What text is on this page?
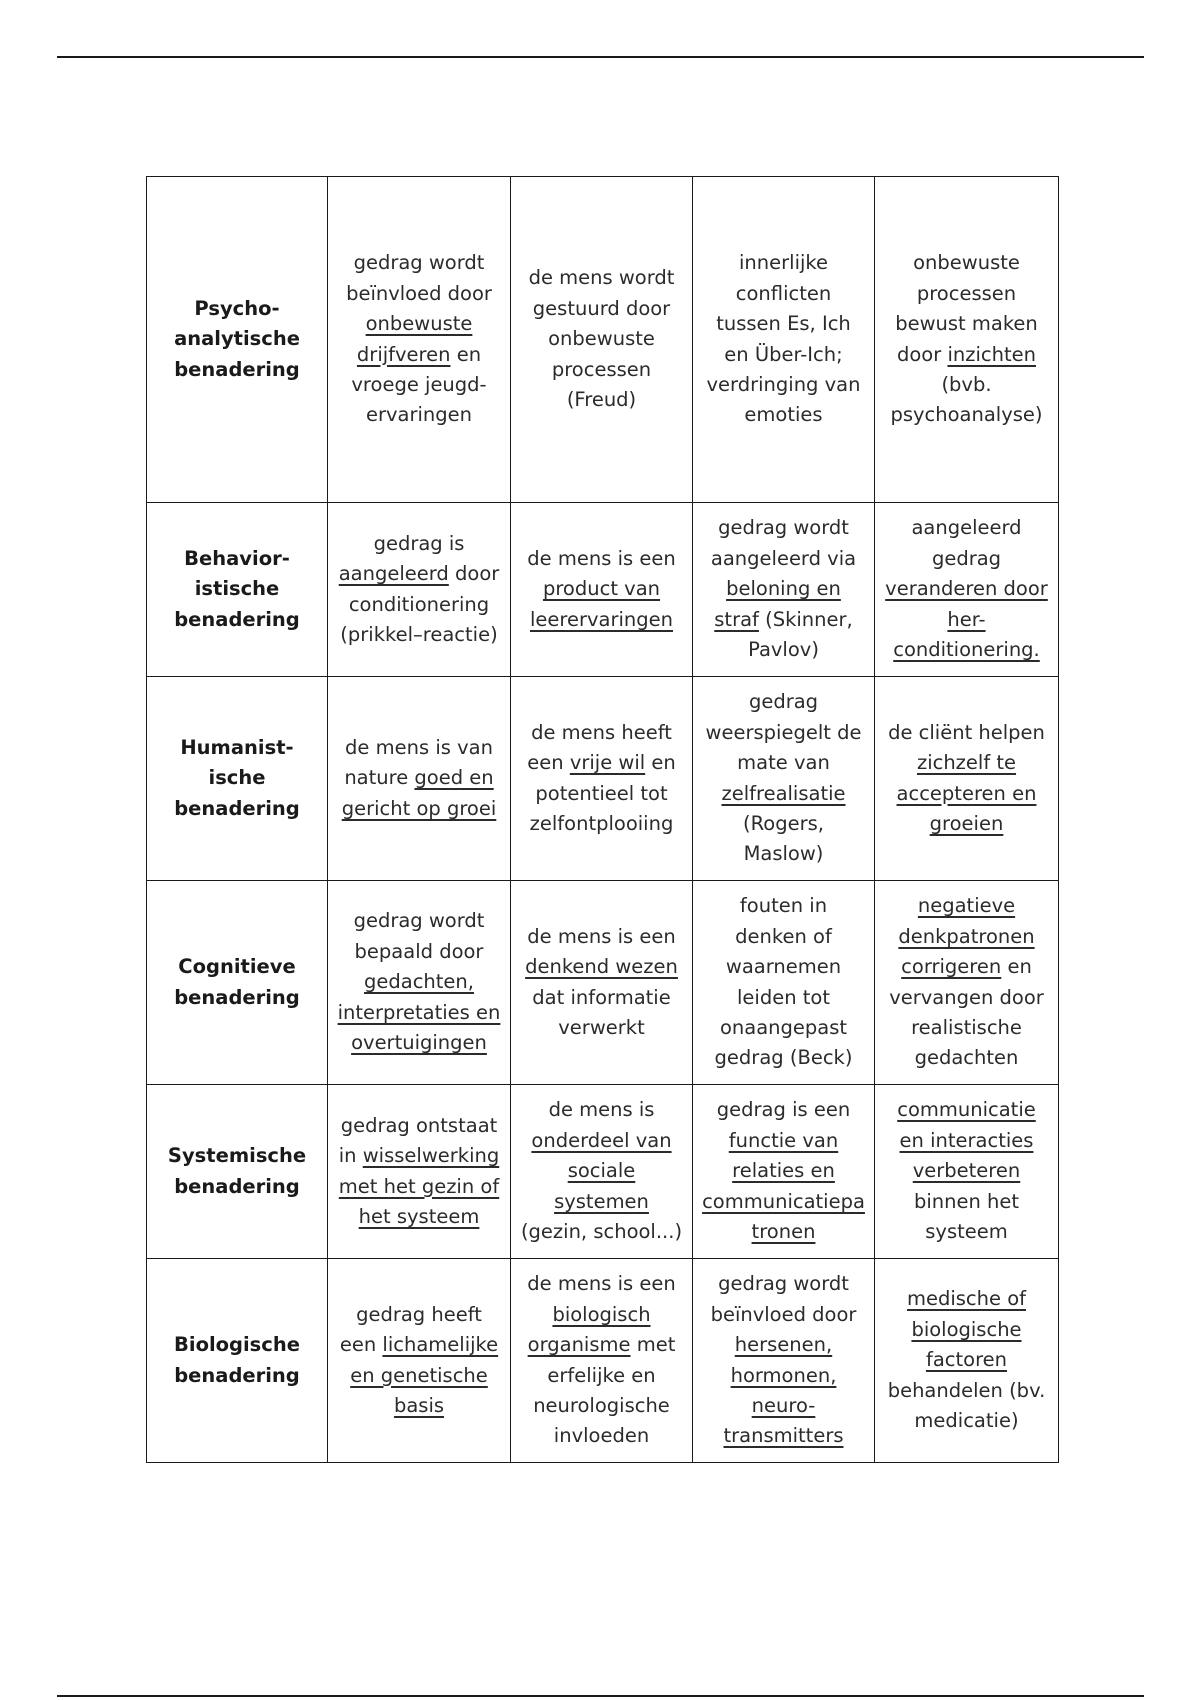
Psycho-
analytische
benadering	gedrag wordt beïnvloed door onbewuste drijfveren en vroege jeugd-ervaringen	de mens wordt gestuurd door onbewuste processen (Freud)	innerlijke conflicten tussen Es, Ich en Über-Ich; verdringing van emoties	onbewuste processen bewust maken door inzichten (bvb. psychoanalyse)
Behavior-
istische
benadering	gedrag is aangeleerd door conditionering (prikkel–reactie)	de mens is een product van leerervaringen	gedrag wordt aangeleerd via beloning en straf (Skinner, Pavlov)	aangeleerd gedrag veranderen door her-conditionering.
Humanist-
ische
benadering	de mens is van nature goed en gericht op groei	de mens heeft een vrije wil en potentieel tot zelfontplooiing	gedrag weerspiegelt de mate van zelfrealisatie (Rogers, Maslow)	de cliënt helpen zichzelf te accepteren en groeien
Cognitieve
benadering	gedrag wordt bepaald door gedachten, interpretaties en overtuigingen	de mens is een denkend wezen dat informatie verwerkt	fouten in denken of waarnemen leiden tot onaangepast gedrag (Beck)	negatieve denkpatronen corrigeren en vervangen door realistische gedachten
Systemische
benadering	gedrag ontstaat in wisselwerking met het gezin of het systeem	de mens is onderdeel van sociale systemen (gezin, school...)	gedrag is een functie van relaties en communicatiepatronen	communicatie en interacties verbeteren binnen het systeem
Biologische
benadering	gedrag heeft een lichamelijke en genetische basis	de mens is een biologisch organisme met erfelijke en neurologische invloeden	gedrag wordt beïnvloed door hersenen, hormonen, neuro-transmitters	medische of biologische factoren behandelen (bv. medicatie)
